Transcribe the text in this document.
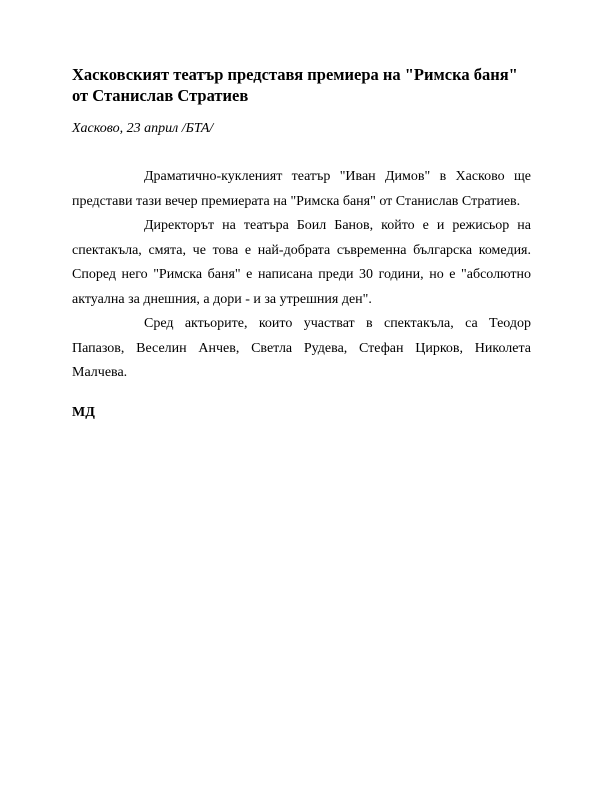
Хасковският театър представя премиера на "Римска баня" от Станислав Стратиев

Хасково, 23 април /БТА/

Драматично-кукленият театър "Иван Димов" в Хасково ще представи тази вечер премиерата на "Римска баня" от Станислав Стратиев.

Директорът на театъра Боил Банов, който е и режисьор на спектакъла, смята, че това е най-добрата съвременна българска комедия. Според него "Римска баня" е написана преди 30 години, но е "абсолютно актуална за днешния, а дори - и за утрешния ден".

Сред актьорите, които участват в спектакъла, са Теодор Папазов, Веселин Анчев, Светла Рудева, Стефан Цирков, Николета Малчева.

МД
